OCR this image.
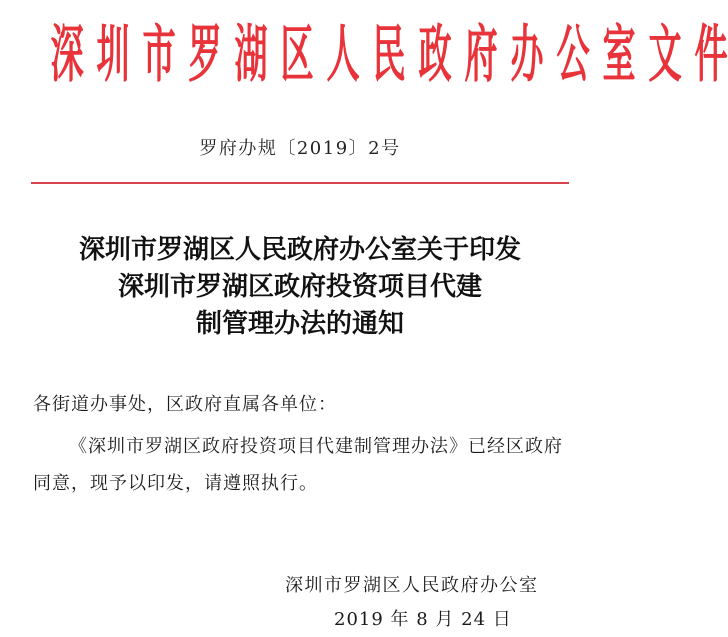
深 圳 市 罗 湖 区 人 民 政 府 办 公 室 文 件
罗府办规〔2019〕2号
深圳市罗湖区人民政府办公室关于印发
深圳市罗湖区政府投资项目代建
制管理办法的通知
各街道办事处，区政府直属各单位：
《深圳市罗湖区政府投资项目代建制管理办法》已经区政府
同意，现予以印发，请遵照执行。
深圳市罗湖区人民政府办公室
2019 年 8 月 24 日
